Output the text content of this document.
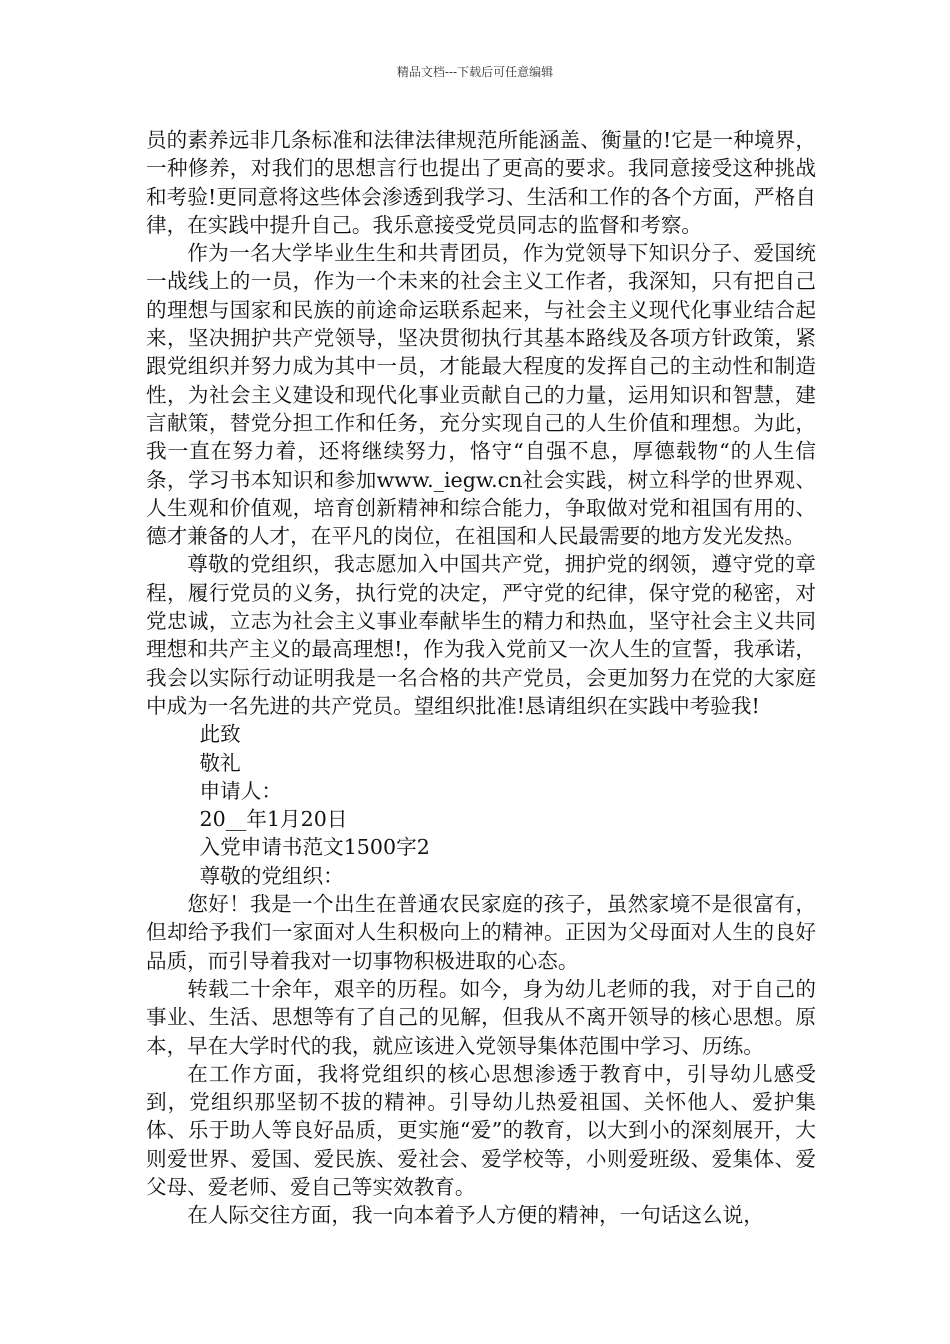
精品文档---下载后可任意编辑

员的素养远非几条标准和法律法律规范所能涵盖、衡量的!它是一种境界，一种修养，对我们的思想言行也提出了更高的要求。我同意接受这种挑战和考验!更同意将这些体会渗透到我学习、生活和工作的各个方面，严格自律，在实践中提升自己。我乐意接受党员同志的监督和考察。

作为一名大学毕业生生和共青团员，作为党领导下知识分子、爱国统一战线上的一员，作为一个未来的社会主义工作者，我深知，只有把自己的理想与国家和民族的前途命运联系起来，与社会主义现代化事业结合起来，坚决拥护共产党领导，坚决贯彻执行其基本路线及各项方针政策，紧跟党组织并努力成为其中一员，才能最大程度的发挥自己的主动性和制造性，为社会主义建设和现代化事业贡献自己的力量，运用知识和智慧，建言献策，替党分担工作和任务，充分实现自己的人生价值和理想。为此，我一直在努力着，还将继续努力，恪守“自强不息，厚德载物“的人生信条，学习书本知识和参加www._iegw.cn社会实践，树立科学的世界观、人生观和价值观，培育创新精神和综合能力，争取做对党和祖国有用的、德才兼备的人才，在平凡的岗位，在祖国和人民最需要的地方发光发热。

尊敬的党组织，我志愿加入中国共产党，拥护党的纲领，遵守党的章程，履行党员的义务，执行党的决定，严守党的纪律，保守党的秘密，对党忠诚，立志为社会主义事业奉献毕生的精力和热血，坚守社会主义共同理想和共产主义的最高理想!，作为我入党前又一次人生的宣誓，我承诺，我会以实际行动证明我是一名合格的共产党员，会更加努力在党的大家庭中成为一名先进的共产党员。望组织批准!恳请组织在实践中考验我!

此致

敬礼

申请人：

20__年1月20日

入党申请书范文1500字2

尊敬的党组织：

您好！我是一个出生在普通农民家庭的孩子，虽然家境不是很富有，但却给予我们一家面对人生积极向上的精神。正因为父母面对人生的良好品质，而引导着我对一切事物积极进取的心态。

转载二十余年，艰辛的历程。如今，身为幼儿老师的我，对于自己的事业、生活、思想等有了自己的见解，但我从不离开领导的核心思想。原本，早在大学时代的我，就应该进入党领导集体范围中学习、历练。

在工作方面，我将党组织的核心思想渗透于教育中，引导幼儿感受到，党组织那坚韧不拔的精神。引导幼儿热爱祖国、关怀他人、爱护集体、乐于助人等良好品质，更实施“爱”的教育，以大到小的深刻展开，大则爱世界、爱国、爱民族、爱社会、爱学校等，小则爱班级、爱集体、爱父母、爱老师、爱自己等实效教育。

在人际交往方面，我一向本着予人方便的精神，一句话这么说，
